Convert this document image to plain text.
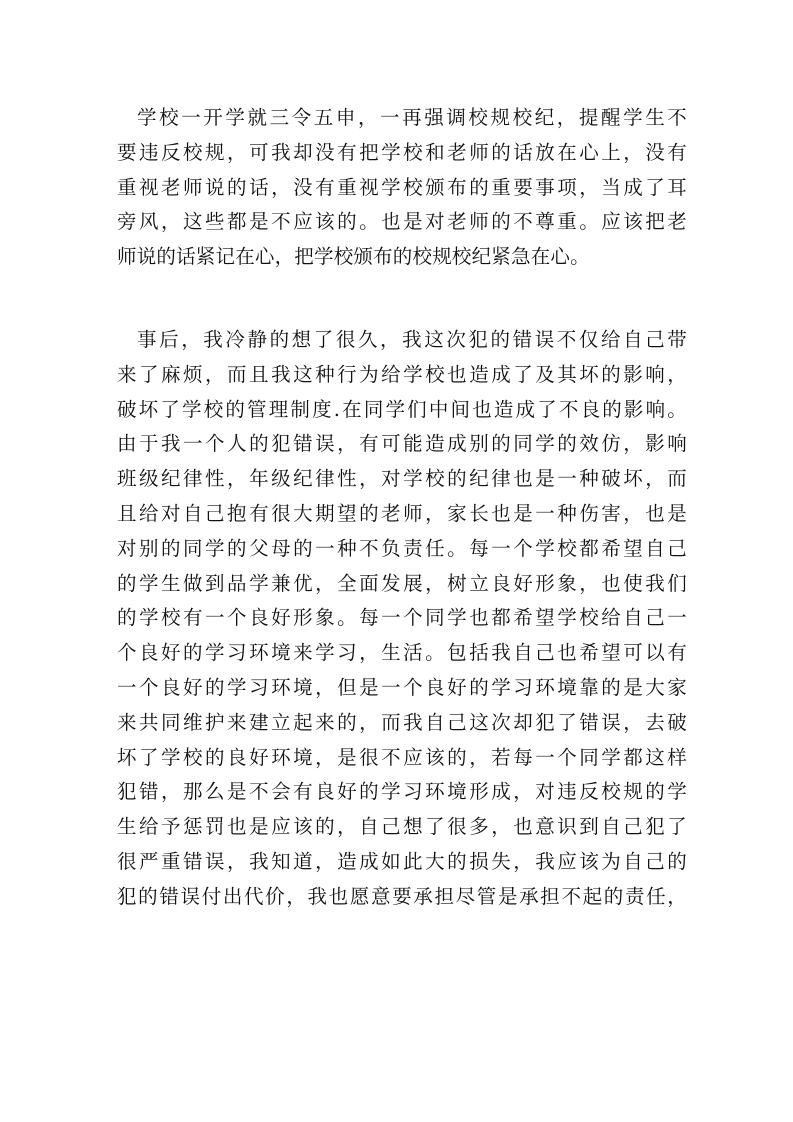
学校一开学就三令五申，一再强调校规校纪，提醒学生不
要违反校规，可我却没有把学校和老师的话放在心上，没有
重视老师说的话，没有重视学校颁布的重要事项，当成了耳
旁风，这些都是不应该的。也是对老师的不尊重。应该把老
师说的话紧记在心，把学校颁布的校规校纪紧急在心。
事后，我冷静的想了很久，我这次犯的错误不仅给自己带
来了麻烦，而且我这种行为给学校也造成了及其坏的影响，
破坏了学校的管理制度.在同学们中间也造成了不良的影响。
由于我一个人的犯错误，有可能造成别的同学的效仿，影响
班级纪律性，年级纪律性，对学校的纪律也是一种破坏，而
且给对自己抱有很大期望的老师，家长也是一种伤害，也是
对别的同学的父母的一种不负责任。每一个学校都希望自己
的学生做到品学兼优，全面发展，树立良好形象，也使我们
的学校有一个良好形象。每一个同学也都希望学校给自己一
个良好的学习环境来学习，生活。包括我自己也希望可以有
一个良好的学习环境，但是一个良好的学习环境靠的是大家
来共同维护来建立起来的，而我自己这次却犯了错误，去破
坏了学校的良好环境，是很不应该的，若每一个同学都这样
犯错，那么是不会有良好的学习环境形成，对违反校规的学
生给予惩罚也是应该的，自己想了很多，也意识到自己犯了
很严重错误，我知道，造成如此大的损失，我应该为自己的
犯的错误付出代价，我也愿意要承担尽管是承担不起的责任，
